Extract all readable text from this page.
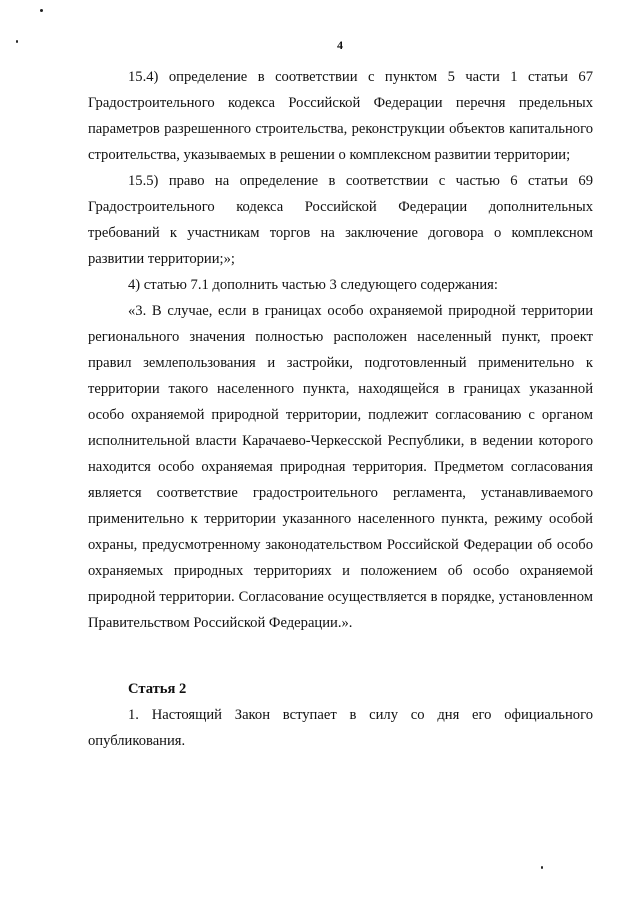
4

15.4) определение в соответствии с пунктом 5 части 1 статьи 67 Градостроительного кодекса Российской Федерации перечня предельных параметров разрешенного строительства, реконструкции объектов капитального строительства, указываемых в решении о комплексном развитии территории;

15.5) право на определение в соответствии с частью 6 статьи 69 Градостроительного кодекса Российской Федерации дополнительных требований к участникам торгов на заключение договора о комплексном развитии территории;»;

4) статью 7.1 дополнить частью 3 следующего содержания:

«3. В случае, если в границах особо охраняемой природной территории регионального значения полностью расположен населенный пункт, проект правил землепользования и застройки, подготовленный применительно к территории такого населенного пункта, находящейся в границах указанной особо охраняемой природной территории, подлежит согласованию с органом исполнительной власти Карачаево-Черкесской Республики, в ведении которого находится особо охраняемая природная территория. Предметом согласования является соответствие градостроительного регламента, устанавливаемого применительно к территории указанного населенного пункта, режиму особой охраны, предусмотренному законодательством Российской Федерации об особо охраняемых природных территориях и положением об особо охраняемой природной территории. Согласование осуществляется в порядке, установленном Правительством Российской Федерации.».

Статья 2

1. Настоящий Закон вступает в силу со дня его официального опубликования.
